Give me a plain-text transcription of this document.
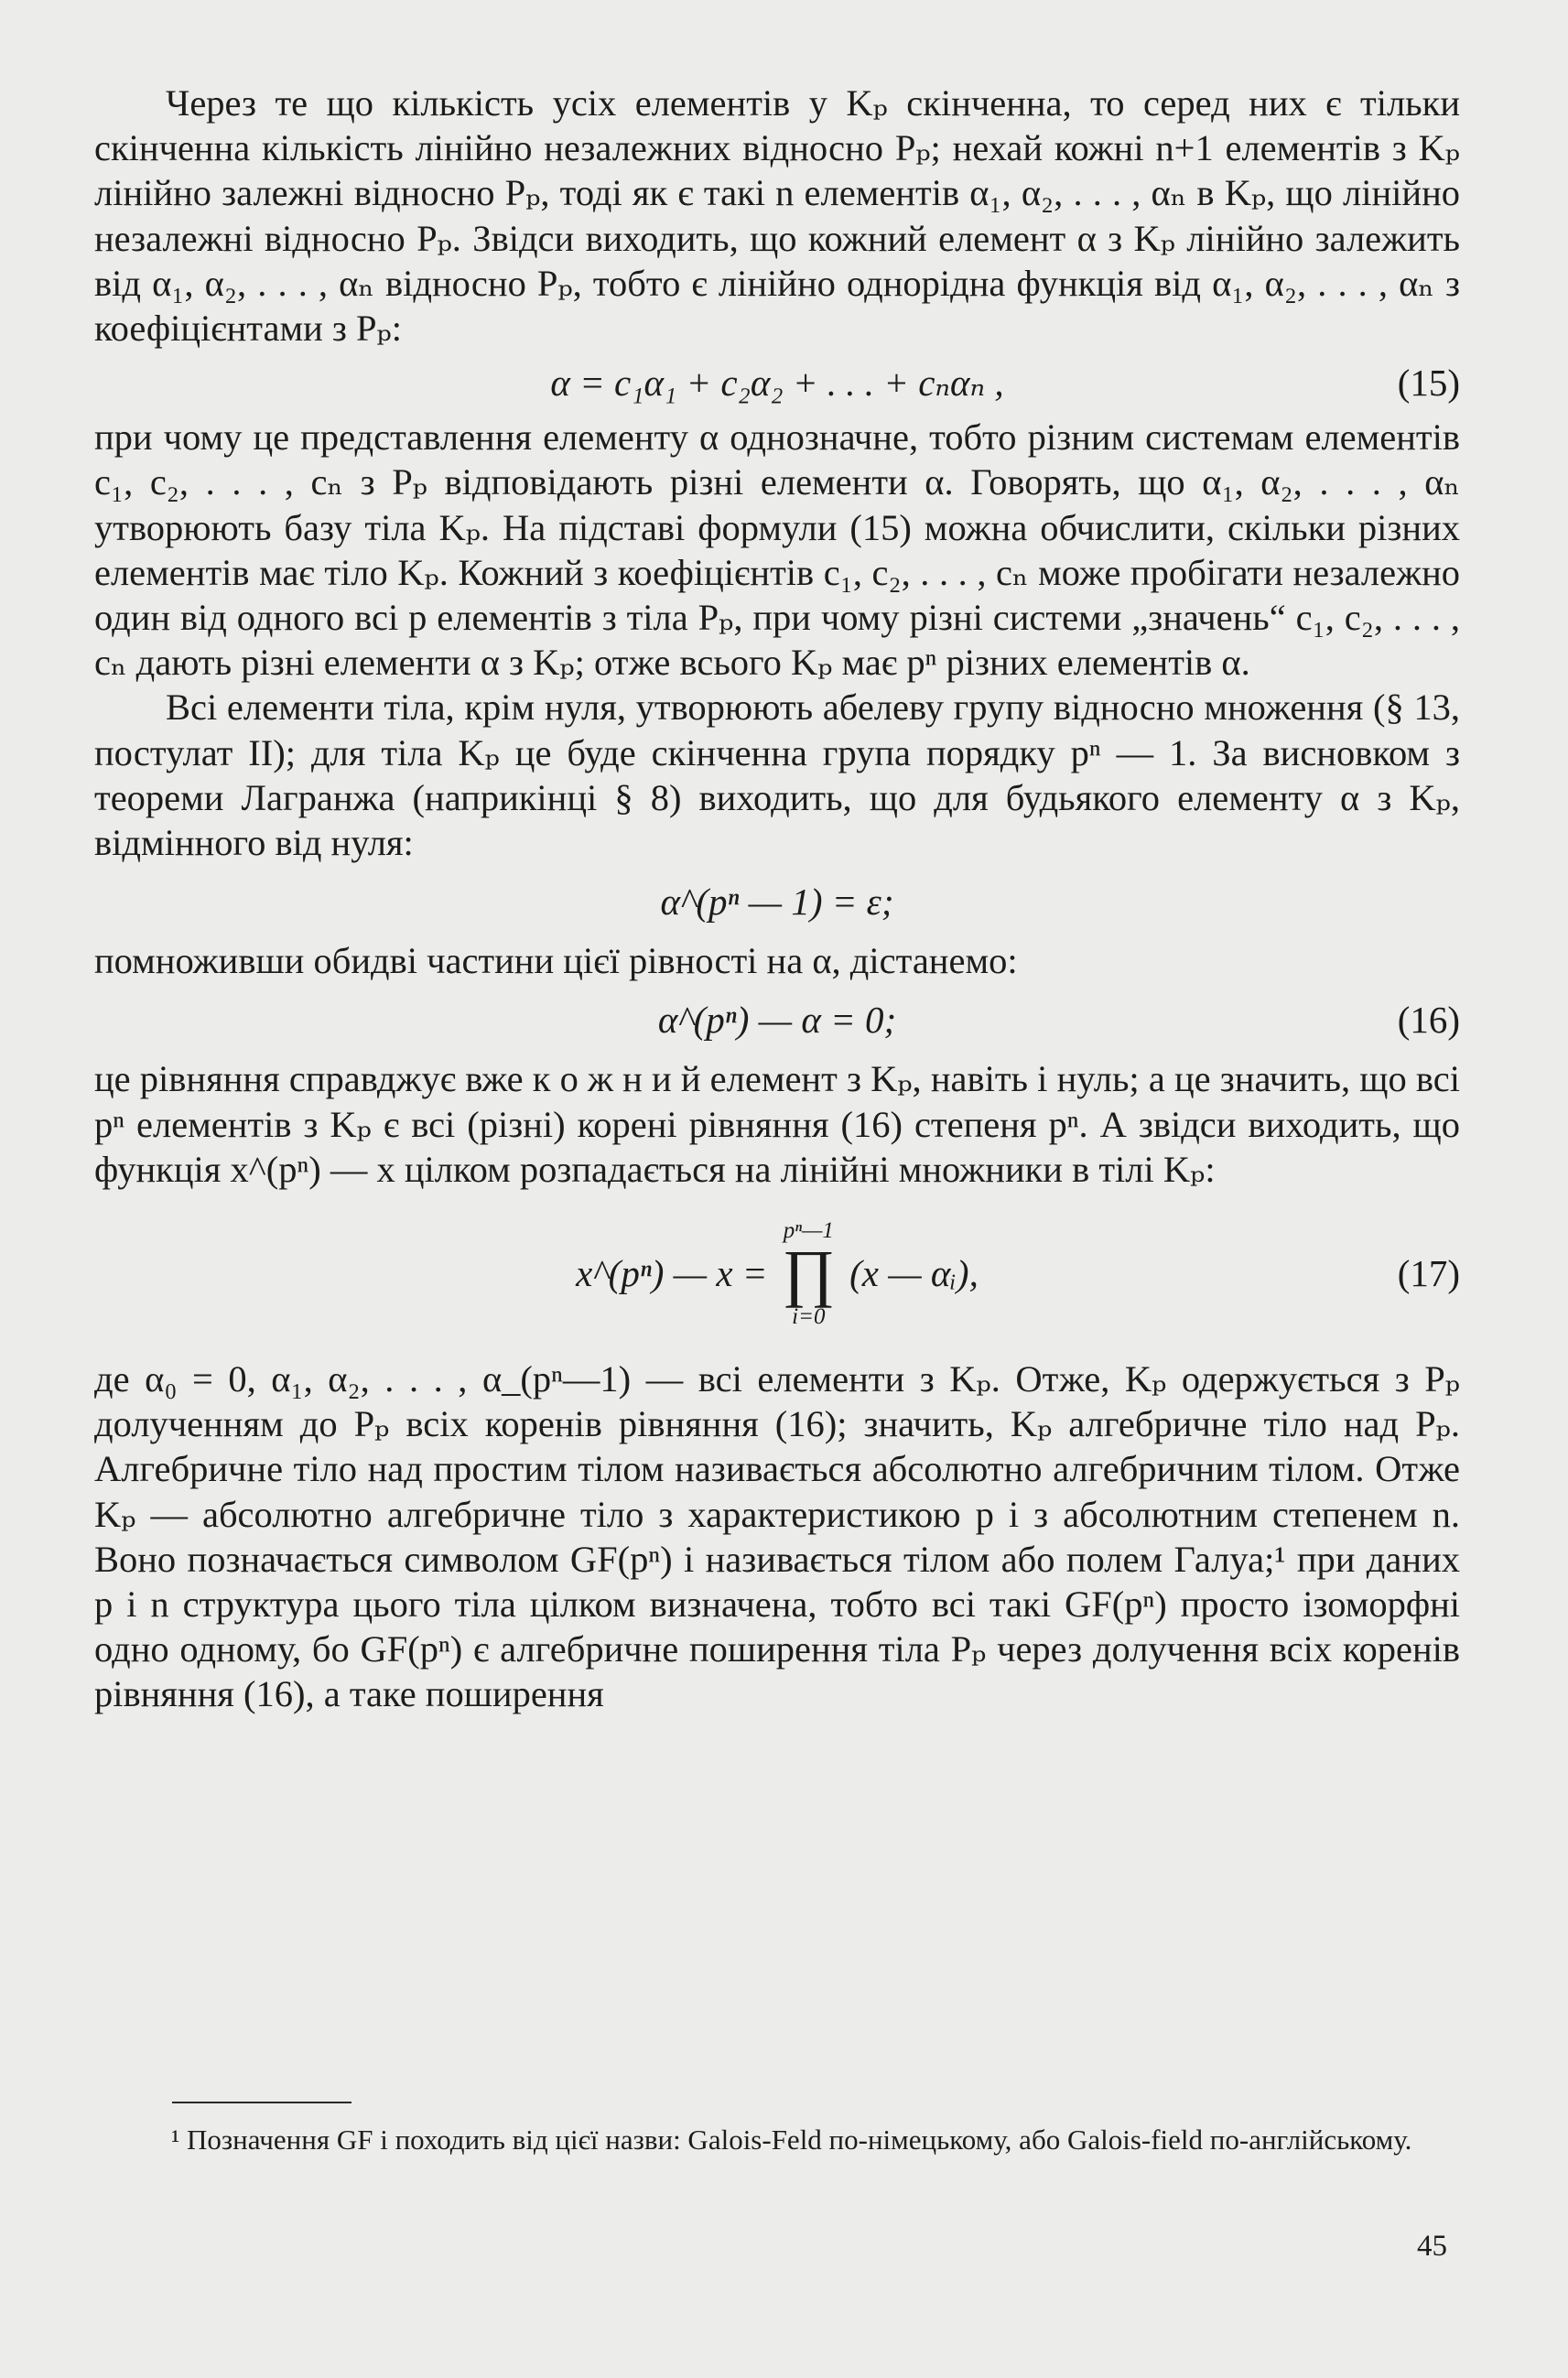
Через те що кількість усіх елементів у Kₚ скінченна, то серед них є тільки скінченна кількість лінійно незалежних відносно Pₚ; нехай кожні n+1 елементів з Kₚ лінійно залежні відносно Pₚ, тоді як є такі n елементів α₁, α₂, . . . , αₙ в Kₚ, що лінійно незалежні відносно Pₚ. Звідси виходить, що кожний елемент α з Kₚ лінійно залежить від α₁, α₂, . . . , αₙ відносно Pₚ, тобто є лінійно однорідна функція від α₁, α₂, . . . , αₙ з коефіцієнтами з Pₚ:

α = c₁α₁ + c₂α₂ + . . . + cₙαₙ ,	(15)

при чому це представлення елементу α однозначне, тобто різним системам елементів c₁, c₂, . . . , cₙ з Pₚ відповідають різні елементи α. Говорять, що α₁, α₂, . . . , αₙ утворюють базу тіла Kₚ. На підставі формули (15) можна обчислити, скільки різних елементів має тіло Kₚ. Кожний з коефіцієнтів c₁, c₂, . . . , cₙ може пробігати незалежно один від одного всі p елементів з тіла Pₚ, при чому різні системи „значень“ c₁, c₂, . . . , cₙ дають різні елементи α з Kₚ; отже всього Kₚ має pⁿ різних елементів α.

Всі елементи тіла, крім нуля, утворюють абелеву групу відносно множення (§ 13, постулат II); для тіла Kₚ це буде скінченна група порядку pⁿ — 1. За висновком з теореми Лагранжа (наприкінці § 8) виходить, що для будьякого елементу α з Kₚ, відмінного від нуля:

α^(pⁿ — 1) = ε;

помноживши обидві частини цієї рівності на α, дістанемо:

α^(pⁿ) — α = 0;	(16)

це рівняння справджує вже к о ж н и й елемент з Kₚ, навіть і нуль; а це значить, що всі pⁿ елементів з Kₚ є всі (різні) корені рівняння (16) степеня pⁿ. А звідси виходить, що функція x^(pⁿ) — x цілком розпадається на лінійні множники в тілі Kₚ:

x^(pⁿ) — x =
pⁿ—1
∏
i=0
(x — αᵢ),	(17)

де α₀ = 0, α₁, α₂, . . . , α_(pⁿ—1) — всі елементи з Kₚ. Отже, Kₚ одержується з Pₚ долученням до Pₚ всіх коренів рівняння (16); значить, Kₚ алгебричне тіло над Pₚ. Алгебричне тіло над простим тілом називається абсолютно алгебричним тілом. Отже Kₚ — абсолютно алгебричне тіло з характеристикою p і з абсолютним степенем n. Воно позначається символом GF(pⁿ) і називається тілом або полем Галуа;¹ при даних p і n структура цього тіла цілком визначена, тобто всі такі GF(pⁿ) просто ізоморфні одно одному, бо GF(pⁿ) є алгебричне поширення тіла Pₚ через долучення всіх коренів рівняння (16), а таке поширення

¹ Позначення GF і походить від цієї назви: Galois-Feld по-німецькому, або Galois-field по-англійському.

45
